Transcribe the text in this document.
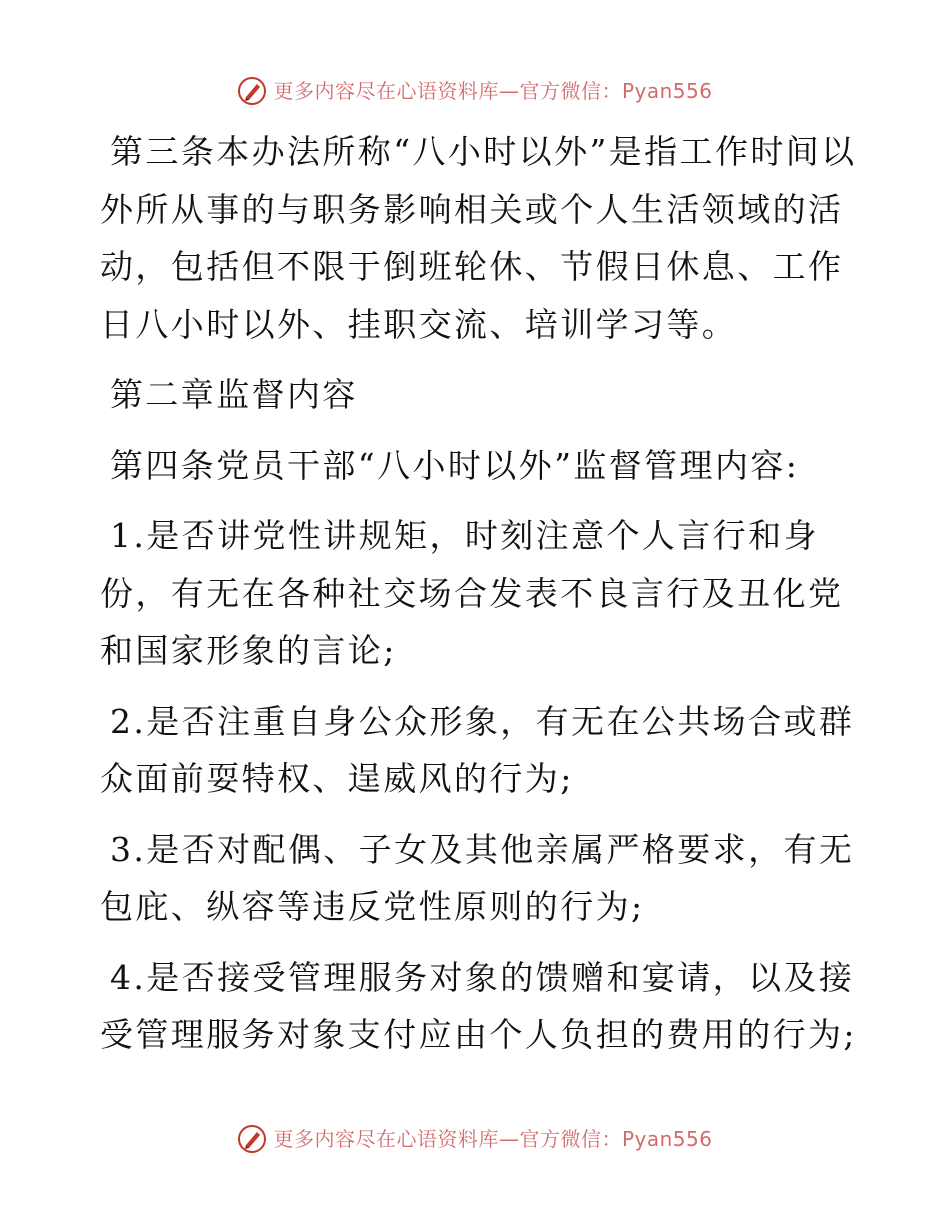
更多内容尽在心语资料库—官方微信：Pyan556

第三条本办法所称“八小时以外”是指工作时间以外所从事的与职务影响相关或个人生活领域的活动，包括但不限于倒班轮休、节假日休息、工作日八小时以外、挂职交流、培训学习等。

第二章监督内容

第四条党员干部“八小时以外”监督管理内容:

1.是否讲党性讲规矩，时刻注意个人言行和身份，有无在各种社交场合发表不良言行及丑化党和国家形象的言论;

2.是否注重自身公众形象，有无在公共场合或群众面前耍特权、逞威风的行为;

3.是否对配偶、子女及其他亲属严格要求，有无包庇、纵容等违反党性原则的行为;

4.是否接受管理服务对象的馈赠和宴请，以及接受管理服务对象支付应由个人负担的费用的行为;

更多内容尽在心语资料库—官方微信：Pyan556
